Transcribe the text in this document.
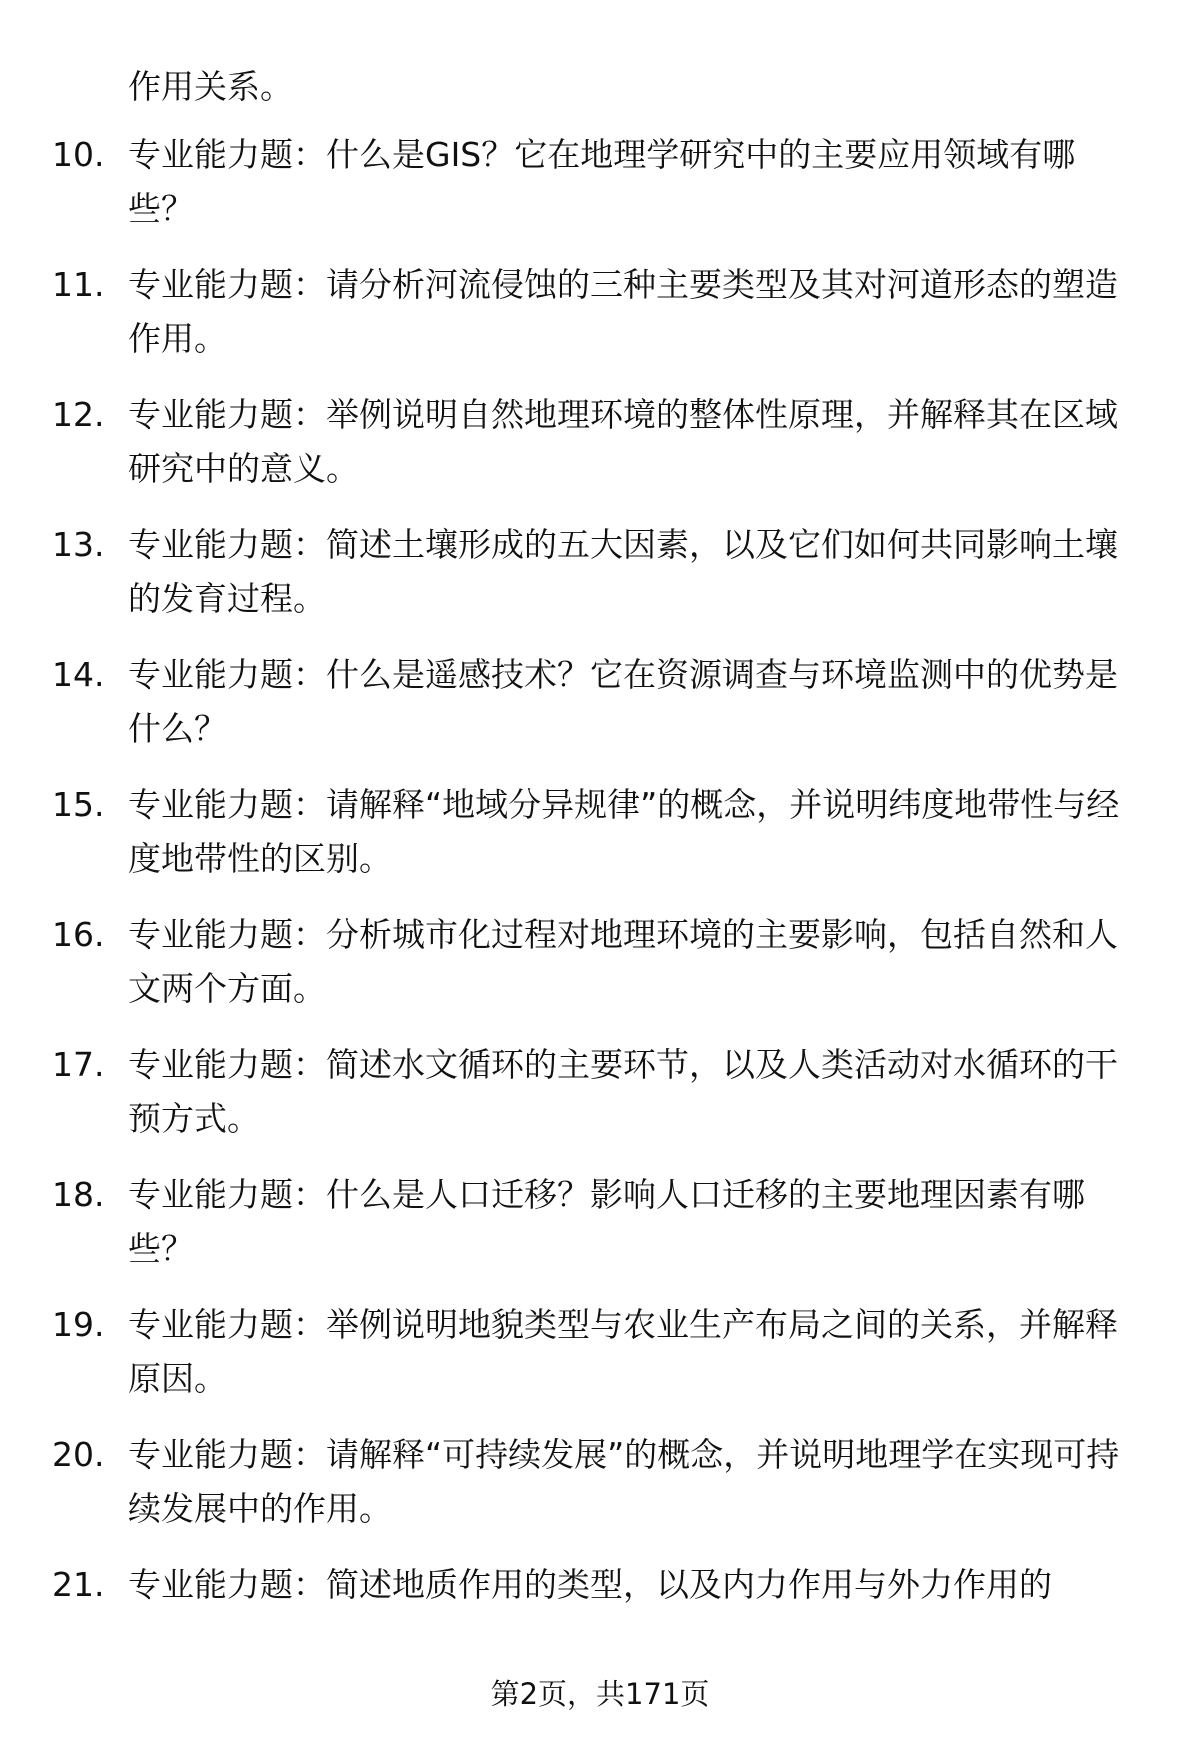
作用关系。

10. 专业能力题：什么是GIS？它在地理学研究中的主要应用领域有哪些？

11. 专业能力题：请分析河流侵蚀的三种主要类型及其对河道形态的塑造作用。

12. 专业能力题：举例说明自然地理环境的整体性原理，并解释其在区域研究中的意义。

13. 专业能力题：简述土壤形成的五大因素，以及它们如何共同影响土壤的发育过程。

14. 专业能力题：什么是遥感技术？它在资源调查与环境监测中的优势是什么？

15. 专业能力题：请解释“地域分异规律”的概念，并说明纬度地带性与经度地带性的区别。

16. 专业能力题：分析城市化过程对地理环境的主要影响，包括自然和人文两个方面。

17. 专业能力题：简述水文循环的主要环节，以及人类活动对水循环的干预方式。

18. 专业能力题：什么是人口迁移？影响人口迁移的主要地理因素有哪些？

19. 专业能力题：举例说明地貌类型与农业生产布局之间的关系，并解释原因。

20. 专业能力题：请解释“可持续发展”的概念，并说明地理学在实现可持续发展中的作用。

21. 专业能力题：简述地质作用的类型，以及内力作用与外力作用的

第2页，共171页
